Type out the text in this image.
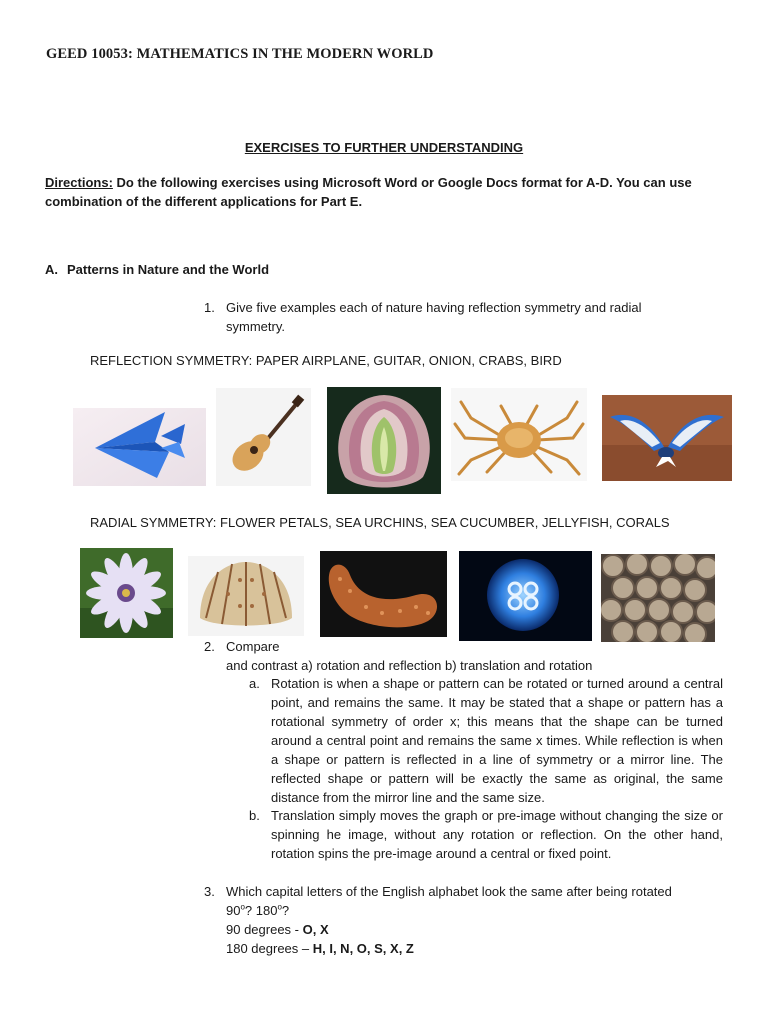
GEED 10053: MATHEMATICS IN THE MODERN WORLD
EXERCISES TO FURTHER UNDERSTANDING
Directions: Do the following exercises using Microsoft Word or Google Docs format for A-D. You can use combination of the different applications for Part E.
A. Patterns in Nature and the World
1. Give five examples each of nature having reflection symmetry and radial symmetry.
REFLECTION SYMMETRY: PAPER AIRPLANE, GUITAR, ONION, CRABS, BIRD
RADIAL SYMMETRY: FLOWER PETALS, SEA URCHINS, SEA CUCUMBER, JELLYFISH, CORALS
2. Compare
and contrast a) rotation and reflection b) translation and rotation
a. Rotation is when a shape or pattern can be rotated or turned around a central point, and remains the same. It may be stated that a shape or pattern has a rotational symmetry of order x; this means that the shape can be turned around a central point and remains the same x times. While reflection is when a shape or pattern is reflected in a line of symmetry or a mirror line. The reflected shape or pattern will be exactly the same as original, the same distance from the mirror line and the same size.
b. Translation simply moves the graph or pre-image without changing the size or spinning he image, without any rotation or reflection. On the other hand, rotation spins the pre-image around a central or fixed point.
3. Which capital letters of the English alphabet look the same after being rotated
90$^o$? 180$^o$?
90 degrees - O, X
180 degrees – H, I, N, O, S, X, Z
